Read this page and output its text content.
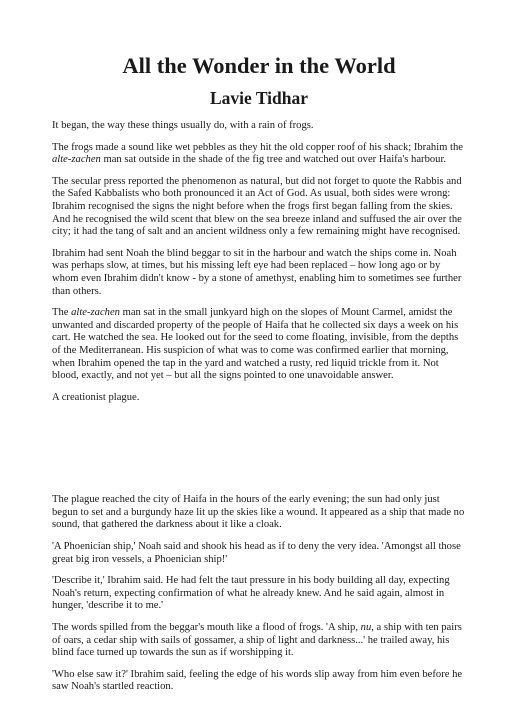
All the Wonder in the World
Lavie Tidhar

It began, the way these things usually do, with a rain of frogs.

The frogs made a sound like wet pebbles as they hit the old copper roof of his shack; Ibrahim the alte-zachen man sat outside in the shade of the fig tree and watched out over Haifa's harbour.

The secular press reported the phenomenon as natural, but did not forget to quote the Rabbis and the Safed Kabbalists who both pronounced it an Act of God. As usual, both sides were wrong: Ibrahim recognised the signs the night before when the frogs first began falling from the skies. And he recognised the wild scent that blew on the sea breeze inland and suffused the air over the city; it had the tang of salt and an ancient wildness only a few remaining might have recognised.

Ibrahim had sent Noah the blind beggar to sit in the harbour and watch the ships come in. Noah was perhaps slow, at times, but his missing left eye had been replaced – how long ago or by whom even Ibrahim didn't know - by a stone of amethyst, enabling him to sometimes see further than others.

The alte-zachen man sat in the small junkyard high on the slopes of Mount Carmel, amidst the unwanted and discarded property of the people of Haifa that he collected six days a week on his cart. He watched the sea. He looked out for the seed to come floating, invisible, from the depths of the Mediterranean. His suspicion of what was to come was confirmed earlier that morning, when Ibrahim opened the tap in the yard and watched a rusty, red liquid trickle from it. Not blood, exactly, and not yet – but all the signs pointed to one unavoidable answer.

A creationist plague.

The plague reached the city of Haifa in the hours of the early evening; the sun had only just begun to set and a burgundy haze lit up the skies like a wound. It appeared as a ship that made no sound, that gathered the darkness about it like a cloak.

'A Phoenician ship,' Noah said and shook his head as if to deny the very idea. 'Amongst all those great big iron vessels, a Phoenician ship!'

'Describe it,' Ibrahim said. He had felt the taut pressure in his body building all day, expecting Noah's return, expecting confirmation of what he already knew. And he said again, almost in hunger, 'describe it to me.'

The words spilled from the beggar's mouth like a flood of frogs. 'A ship, nu, a ship with ten pairs of oars, a cedar ship with sails of gossamer, a ship of light and darkness...' he trailed away, his blind face turned up towards the sun as if worshipping it.

'Who else saw it?' Ibrahim said, feeling the edge of his words slip away from him even before he saw Noah's startled reaction.
